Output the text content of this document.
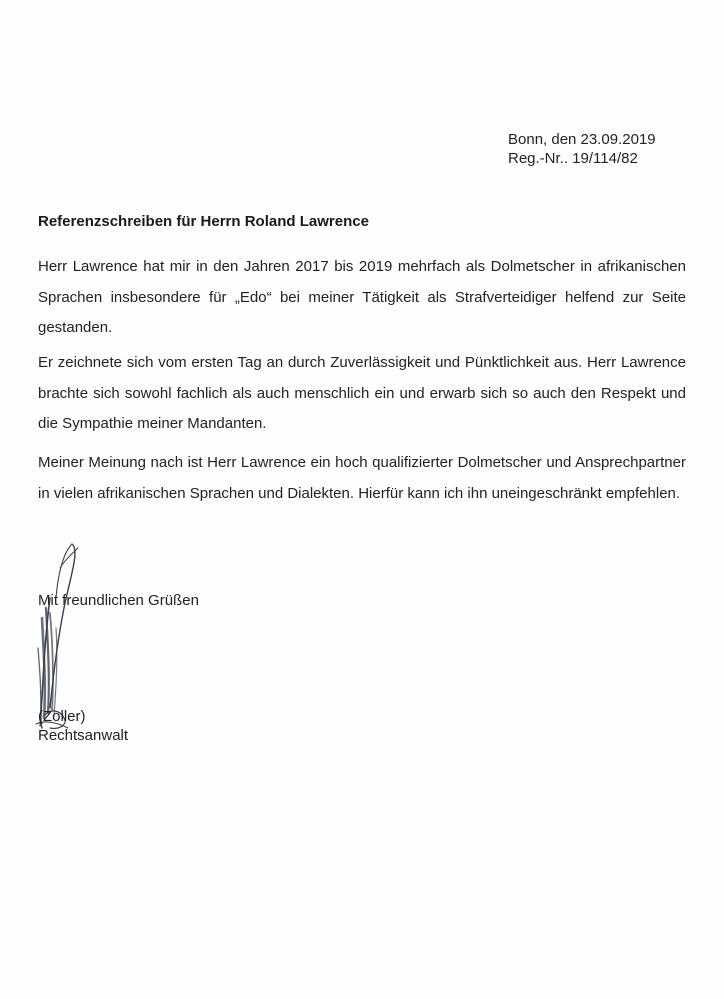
Bonn, den 23.09.2019
Reg.-Nr.. 19/114/82
Referenzschreiben für Herrn Roland Lawrence

Herr Lawrence hat mir in den Jahren 2017 bis 2019 mehrfach als Dolmetscher in afrikanischen Sprachen insbesondere für „Edo“ bei meiner Tätigkeit als Strafverteidiger helfend zur Seite gestanden.

Er zeichnete sich vom ersten Tag an durch Zuverlässigkeit und Pünktlichkeit aus. Herr Lawrence brachte sich sowohl fachlich als auch menschlich ein und erwarb sich so auch den Respekt und die Sympathie meiner Mandanten.

Meiner Meinung nach ist Herr Lawrence ein hoch qualifizierter Dolmetscher und Ansprechpartner in vielen afrikanischen Sprachen und Dialekten. Hierfür kann ich ihn uneingeschränkt empfehlen.

Mit freundlichen Grüßen
(Zoller)
Rechtsanwalt
